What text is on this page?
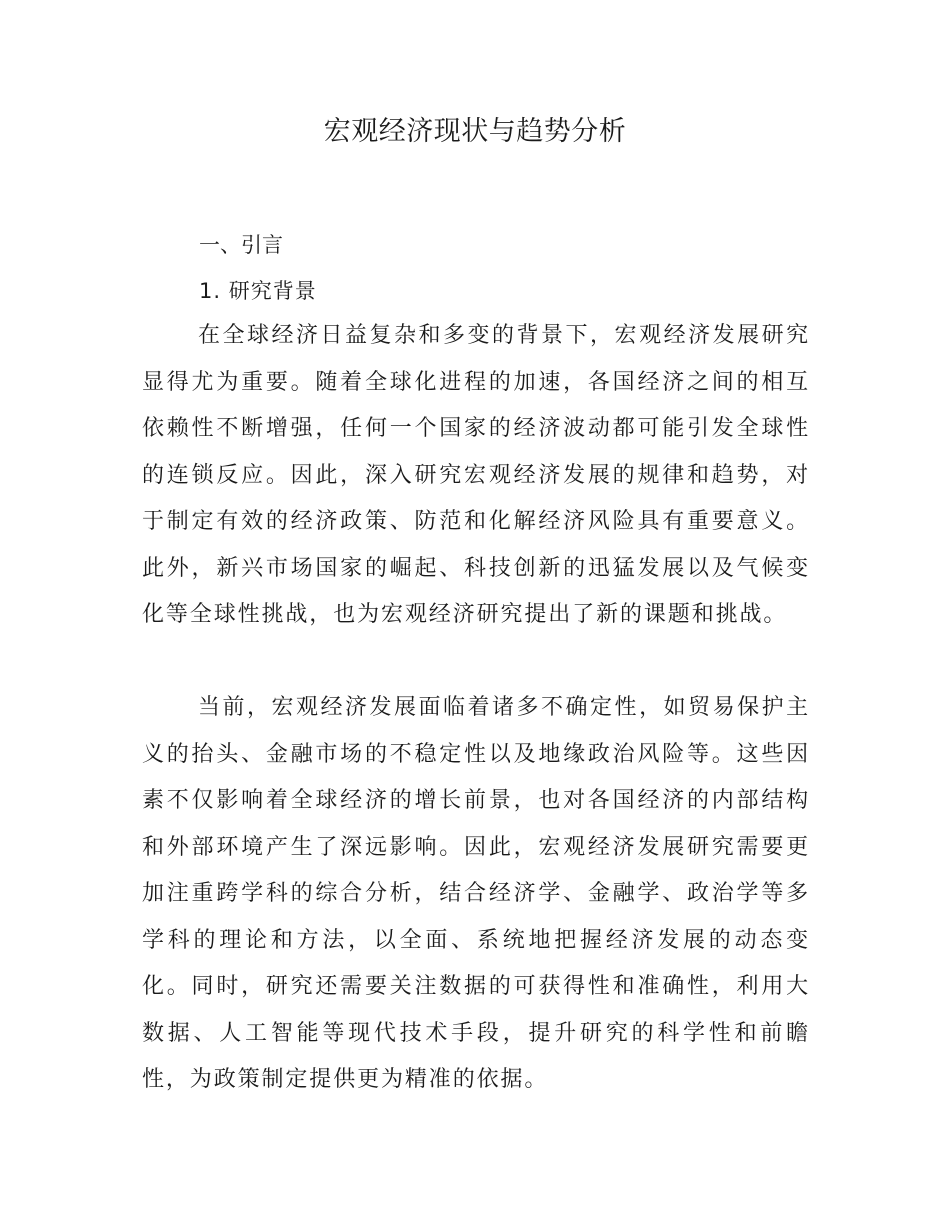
宏观经济现状与趋势分析
一、引言
1. 研究背景

在全球经济日益复杂和多变的背景下，宏观经济发展研究显得尤为重要。随着全球化进程的加速，各国经济之间的相互依赖性不断增强，任何一个国家的经济波动都可能引发全球性的连锁反应。因此，深入研究宏观经济发展的规律和趋势，对于制定有效的经济政策、防范和化解经济风险具有重要意义。此外，新兴市场国家的崛起、科技创新的迅猛发展以及气候变化等全球性挑战，也为宏观经济研究提出了新的课题和挑战。

当前，宏观经济发展面临着诸多不确定性，如贸易保护主义的抬头、金融市场的不稳定性以及地缘政治风险等。这些因素不仅影响着全球经济的增长前景，也对各国经济的内部结构和外部环境产生了深远影响。因此，宏观经济发展研究需要更加注重跨学科的综合分析，结合经济学、金融学、政治学等多学科的理论和方法，以全面、系统地把握经济发展的动态变化。同时，研究还需要关注数据的可获得性和准确性，利用大数据、人工智能等现代技术手段，提升研究的科学性和前瞻性，为政策制定提供更为精准的依据。
